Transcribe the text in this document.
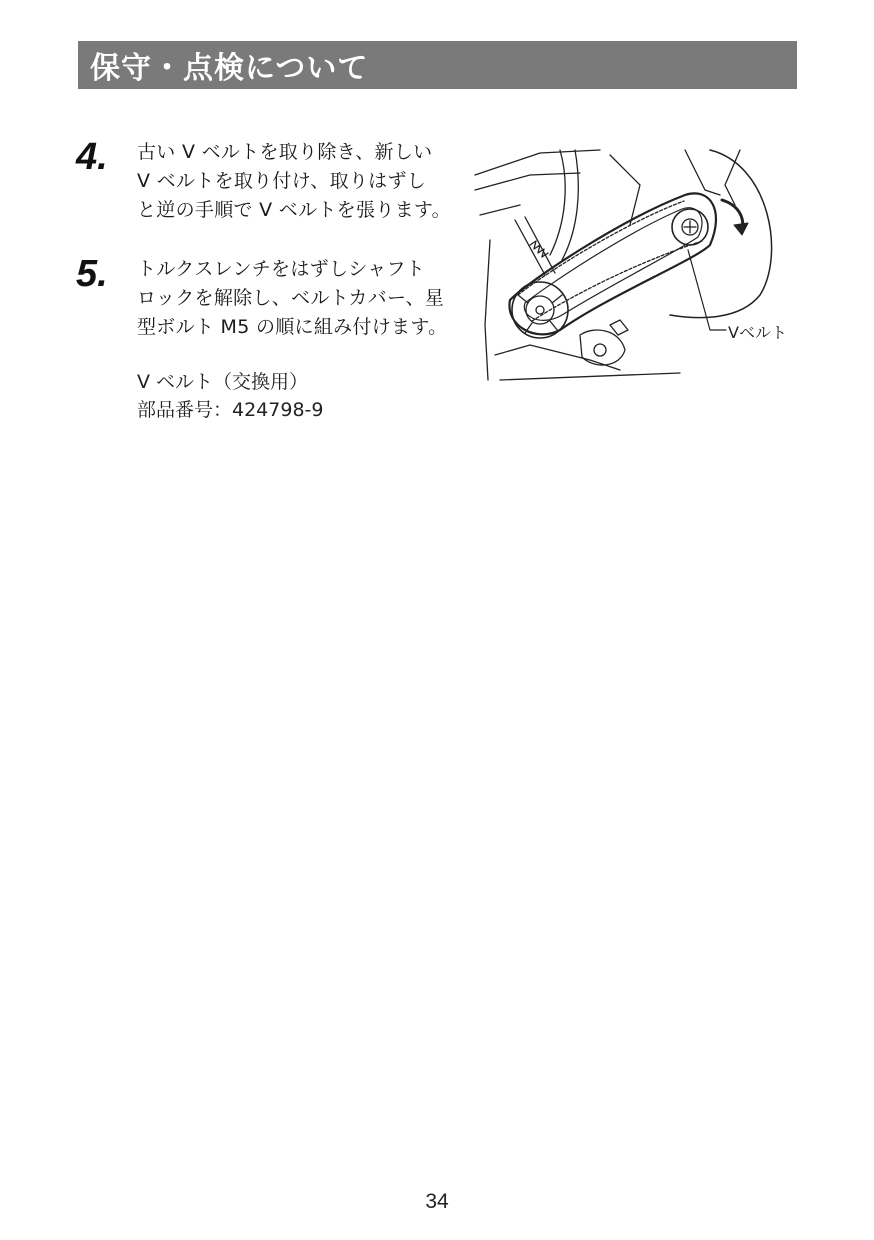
保守・点検について
4. 古い V ベルトを取り除き、新しい

V ベルトを取り付け、取りはずし

と逆の手順で V ベルトを張ります。

5. トルクスレンチをはずしシャフト

ロックを解除し、ベルトカバー、星

型ボルト M5 の順に組み付けます。

V ベルト（交換用）

部品番号：424798-9

Vベルト
34
